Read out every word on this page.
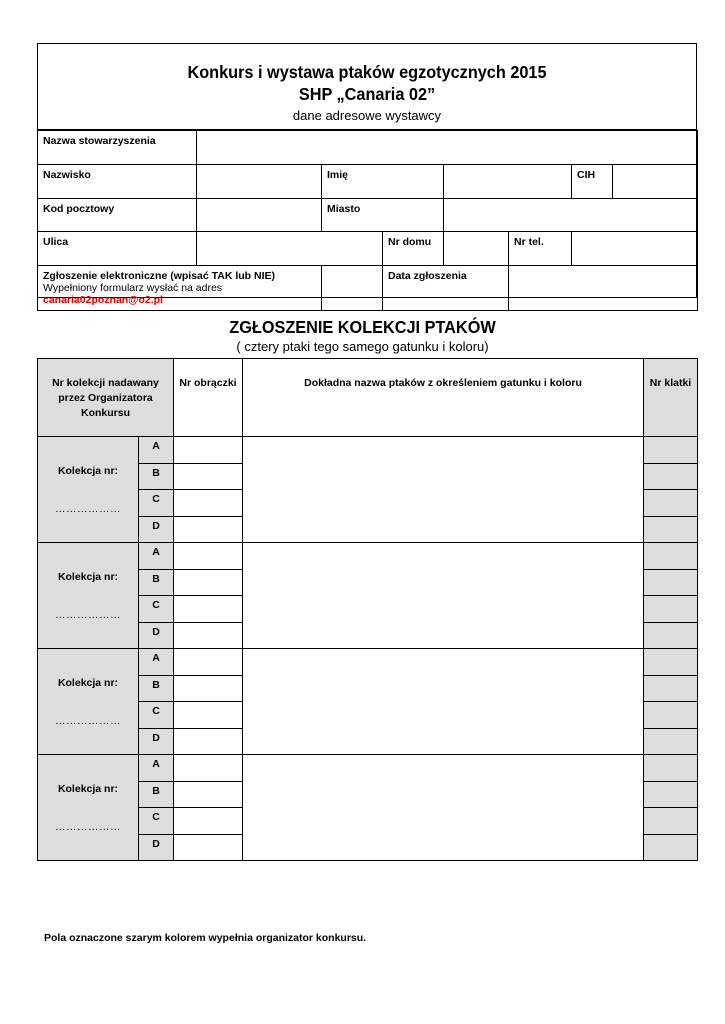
Konkurs i wystawa ptaków egzotycznych 2015
SHP „Canaria 02”
dane adresowe wystawcy
Nazwa stowarzyszenia							
Nazwisko		Imię				CIH	
Kod pocztowy		Miasto					
Ulica			Nr domu		Nr tel.		
Zgłoszenie elektroniczne (wpisać TAK lub NIE)
Wypełniony formularz wysłać na adres canaria02poznan@o2.pl			Data zgłoszenia				
ZGŁOSZENIE KOLEKCJI PTAKÓW
( cztery ptaki tego samego gatunku i koloru)
Nr kolekcji nadawany przez Organizatora Konkursu		Nr obrączki	Dokładna nazwa ptaków z określeniem gatunku i koloru	Nr klatki

Kolekcja nr:
………………	A			
	B			
	C			
	D			

Kolekcja nr:
………………	A			
	B			
	C			
	D			

Kolekcja nr:
………………	A			
	B			
	C			
	D			

Kolekcja nr:
………………	A			
	B			
	C			
	D			
Pola oznaczone szarym kolorem wypełnia organizator konkursu.
